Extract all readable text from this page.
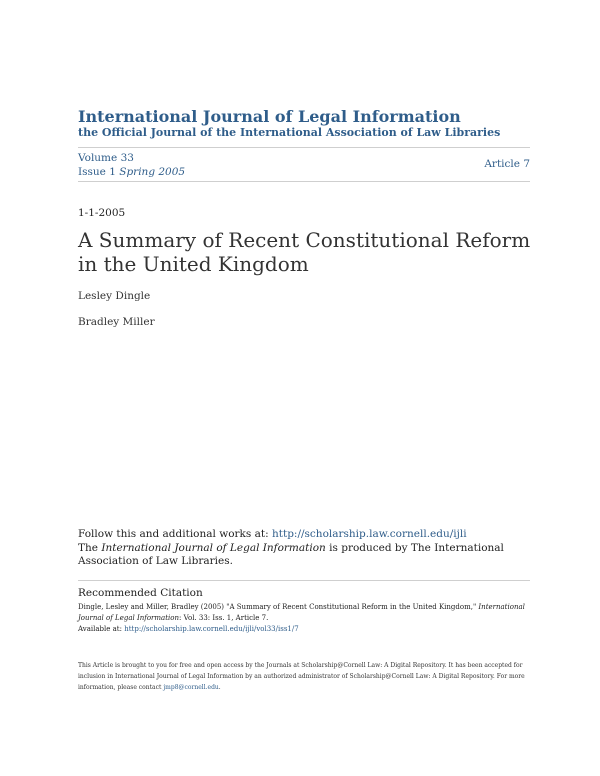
International Journal of Legal Information
the Official Journal of the International Association of Law Libraries
Volume 33
Issue 1 Spring 2005
Article 7
1-1-2005
A Summary of Recent Constitutional Reform in the United Kingdom
Lesley Dingle
Bradley Miller
Follow this and additional works at: http://scholarship.law.cornell.edu/ijli
The International Journal of Legal Information is produced by The International Association of Law Libraries.
Recommended Citation
Dingle, Lesley and Miller, Bradley (2005) "A Summary of Recent Constitutional Reform in the United Kingdom," International Journal of Legal Information: Vol. 33: Iss. 1, Article 7.
Available at: http://scholarship.law.cornell.edu/ijli/vol33/iss1/7
This Article is brought to you for free and open access by the Journals at Scholarship@Cornell Law: A Digital Repository. It has been accepted for inclusion in International Journal of Legal Information by an authorized administrator of Scholarship@Cornell Law: A Digital Repository. For more information, please contact jmp8@cornell.edu.
